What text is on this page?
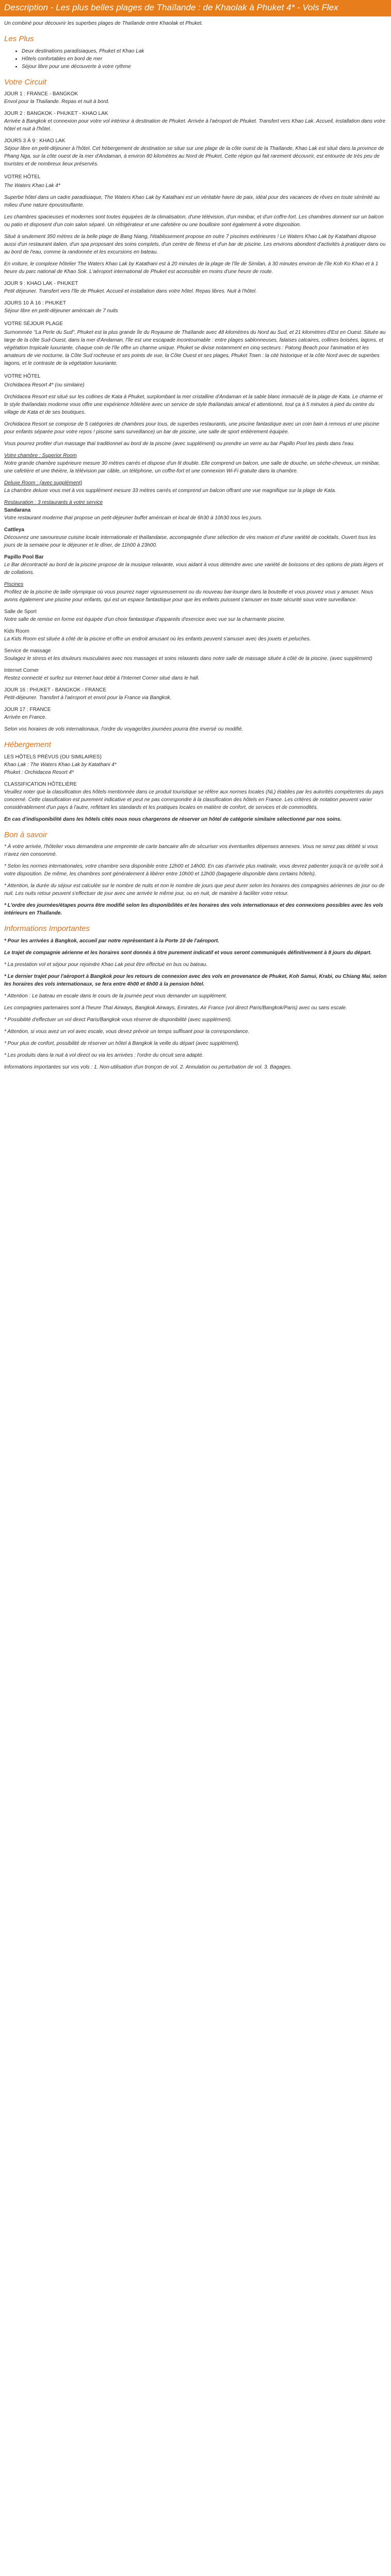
Description - Les plus belles plages de Thaïlande : de Khaolak à Phuket 4* - Vols Flex
Un combiné pour découvrir les superbes plages de Thaïlande entre Khaolak et Phuket.
Les Plus
• Deux destinations paradisiaques, Phuket et Khao Lak
• Hôtels confortables en bord de mer
• Séjour libre pour une découverte à votre rythme
Votre Circuit
JOUR 1 : FRANCE - BANGKOK
Envol pour la Thaïlande. Repas et nuit à bord.
JOUR 2 : BANGKOK - PHUKET - KHAO LAK
Arrivée à Bangkok et connexion pour votre vol intérieur à destination de Phuket. Arrivée à l'aéroport de Phuket. Transfert vers Khao Lak. Accueil, installation dans votre hôtel et nuit à l'hôtel.
JOURS 3 À 9 : KHAO LAK
Séjour libre en petit-déjeuner à l'hôtel. Cet hébergement de destination se situe sur une plage de la côte ouest de la Thaïlande, Khao Lak est situé dans la province de Phang Nga, sur la côte ouest de la mer d'Andaman, à environ 80 kilomètres au Nord de Phuket. Cette région qui fait rarement découvrir, est entourée de très peu de touristes et de nombreux lieux préservés.
VOTRE HÔTEL

The Waters Khao Lak 4*

Superbe hôtel dans un cadre paradisiaque, The Waters Khao Lak by Katathani est un véritable havre de paix, idéal pour des vacances de rêves en toute sérénité au milieu d'une nature époustouflante.

Les chambres spacieuses et modernes sont toutes équipées de la climatisation, d'une télévision, d'un minibar, et d'un coffre-fort. Les chambres donnent sur un balcon ou patio et disposent d'un coin salon séparé. Un réfrigérateur et une cafetière ou une bouilloire sont également à votre disposition.

Situé à seulement 350 mètres de la belle plage de Bang Niang, l'établissement propose en outre 7 piscines extérieures ! Le Waters Khao Lak by Katathani dispose aussi d'un restaurant italien, d'un spa proposant des soins complets, d'un centre de fitness et d'un bar de piscine. Les environs abondent d'activités à pratiquer dans ou au bord de l'eau, comme la randonnée et les excursions en bateau.

En voiture, le complexe hôtelier The Waters Khao Lak by Katathani est à 20 minutes de la plage de l'île de Similan, à 30 minutes environ de l'île Koh Ko Khao et à 1 heure du parc national de Khao Sok. L'aéroport international de Phuket est accessible en moins d'une heure de route.

JOUR 9 : KHAO LAK - PHUKET
Petit déjeuner. Transfert vers l'île de Phuket. Accueil et installation dans votre hôtel. Repas libres. Nuit à l'hôtel.
JOURS 10 À 16 : PHUKET
Séjour libre en petit-déjeuner américain de 7 nuits
VOTRE SÉJOUR PLAGE

Surnommée "La Perle du Sud", Phuket est la plus grande île du Royaume de Thaïlande avec 48 kilomètres du Nord au Sud, et 21 kilomètres d'Est en Ouest. Située au large de la côte Sud-Ouest, dans la mer d'Andaman, l'île est une escapade incontournable : entre plages sablonneuses, falaises calcaires, collines boisées, lagons, et végétation tropicale luxuriante, chaque coin de l'île offre un charme unique. Phuket se divise notamment en cinq secteurs : Patong Beach pour l'animation et les amateurs de vie nocturne, la Côte Sud rocheuse et ses points de vue, la Côte Ouest et ses plages, Phuket Town : la cité historique et la côte Nord avec de superbes lagons, et le contraste de la végétation luxuriante.

VOTRE HÔTEL

Orchidacea Resort 4* (ou similaire)

Orchidacea Resort est situé sur les collines de Kata à Phuket, surplombant la mer cristalline d'Andaman et la sable blanc immaculé de la plage de Kata. Le charme et le style thaïlandais moderne vous offre une expérience hôtelière avec un service de style thaïlandais amical et attentionné, tout ça à 5 minutes à pied du centre du village de Kata et de ses boutiques.

Orchidacea Resort se compose de 5 catégories de chambres pour tous, de superbes restaurants, une piscine fantastique avec un coin bain à remous et une piscine pour enfants séparée pour votre repos ! piscine sans surveillance) un bar de piscine, une salle de sport entièrement équipée.

Vous pourrez profiter d'un massage thaï traditionnel au bord de la piscine (avec supplément) ou prendre un verre au bar Papillo Pool les pieds dans l'eau.

Votre chambre : Superior Room

Notre grande chambre supérieure mesure 30 mètres carrés et dispose d'un lit double. Elle comprend un balcon, une salle de douche, un sèche-cheveux, un minibar, une cafetière et une théière, la télévision par câble, un téléphone, un coffre-fort et une connexion Wi-Fi gratuite dans la chambre.

Deluxe Room : (avec supplément)

La chambre deluxe vous met à vos supplément mesure 33 mètres carrés et comprend un balcon offrant une vue magnifique sur la plage de Kata.

Restauration : 3 restaurants à votre service
Sandarana
Votre restaurant moderne thaï propose un petit-déjeuner buffet américain et local de 6h30 à 10h30 tous les jours.
Cattleya
Découvrez une savoureuse cuisine locale internationale et thaïlandaise, accompagnée d'une sélection de vins maison et d'une variété de cocktails. Ouvert tous les jours de la semaine pour le déjeuner et le dîner, de 11h00 à 23h00.
Papillo Pool Bar
Le Bar décontracté au bord de la piscine propose de la musique relaxante, vous aidant à vous détendre avec une variété de boissons et des options de plats légers et de collations.
Piscines
Profitez de la piscine de taille olympique où vous pourrez nager vigoureusement ou du nouveau bar-lounge dans la bouteille et vous pouvez vous y amuser. Nous avons également une piscine pour enfants, qui est un espace fantastique pour que les enfants puissent s'amuser en toute sécurité sous votre surveillance.
Salle de Sport
Notre salle de remise en forme est équipée d'un choix fantastique d'appareils d'exercice avec vue sur la charmante piscine.
Kids Room
La Kids Room est située à côté de la piscine et offre un endroit amusant où les enfants peuvent s'amuser avec des jouets et peluches.
Service de massage
Soulagez le stress et les douleurs musculaires avec nos massages et soins relaxants dans notre salle de massage située à côté de la piscine. (avec supplément)
Internet Corner
Restez connecté et surfez sur Internet haut débit à l'Internet Corner situé dans le hall.
JOUR 16 : PHUKET - BANGKOK - FRANCE
Petit-déjeuner. Transfert à l'aéroport et envol pour la France via Bangkok.
JOUR 17 : FRANCE
Arrivée en France.

Selon vos horaires de vols internationaux, l'ordre du voyage/des journées pourra être inversé ou modifié.

Hébergement
LES HÔTELS PRÉVUS (OU SIMILAIRES)
Khao Lak : The Waters Khao Lak by Katathani 4*
Phuket : Orchidacea Resort 4*
CLASSIFICATION HÔTELIÈRE
Veuillez noter que la classification des hôtels mentionnée dans ce produit touristique se réfère aux normes locales (NL) établies par les autorités compétentes du pays concerné. Cette classification est purement indicative et peut ne pas correspondre à la classification des hôtels en France. Les critères de notation peuvent varier considérablement d'un pays à l'autre, reflétant les standards et les pratiques locales en matière de confort, de services et de commodités.

En cas d'indisponibilité dans les hôtels cités nous nous chargerons de réserver un hôtel de catégorie similaire sélectionné par nos soins.

Bon à savoir

* À votre arrivée, l'hôtelier vous demandera une empreinte de carte bancaire afin de sécuriser vos éventuelles dépenses annexes. Vous ne serez pas débité si vous n'avez rien consommé.

* Selon les normes internationales, votre chambre sera disponible entre 12h00 et 14h00. En cas d'arrivée plus matinale, vous devrez patienter jusqu'à ce qu'elle soit à votre disposition. De même, les chambres sont généralement à libérer entre 10h00 et 12h00 (bagagerie disponible dans certains hôtels).

* Attention, la durée du séjour est calculée sur le nombre de nuits et non le nombre de jours que peut durer selon les horaires des compagnies aériennes de jour ou de nuit. Les nuits retour peuvent s'effectuer de jour avec une arrivée le même jour, ou en nuit, de manière à faciliter votre retour.

* L'ordre des journées/étapes pourra être modifié selon les disponibilités et les horaires des vols internationaux et des connexions possibles avec les vols intérieurs en Thaïlande.

Informations Importantes

* Pour les arrivées à Bangkok, accueil par notre représentant à la Porte 10 de l'aéroport.

Le trajet de compagnie aérienne et les horaires sont donnés à titre purement indicatif et vous seront communiqués définitivement à 8 jours du départ.

* La prestation vol et séjour pour rejoindre Khao Lak peut être effectué en bus ou bateau.

* Le dernier trajet pour l'aéroport à Bangkok pour les retours de connexion avec des vols en provenance de Phuket, Koh Samui, Krabi, ou Chiang Mai, selon les horaires des vols internationaux, se fera entre 4h00 et 6h00 à la pension hôtel.

* Attention : Le bateau en escale dans le cours de la journée peut vous demander un supplément.

Les compagnies partenaires sont à l'heure Thaï Airways, Bangkok Airways, Emirates, Air France (vol direct Paris/Bangkok/Paris) avec ou sans escale.

* Possibilité d'effectuer un vol direct Paris/Bangkok vous réserve de disponibilité (avec supplément).

* Attention, si vous avez un vol avec escale, vous devez prévoir un temps suffisant pour la correspondance.

* Pour plus de confort, possibilité de réserver un hôtel à Bangkok la veille du départ (avec supplément).

* Les produits dans la nuit à vol direct ou via les arrivées : l'ordre du circuit sera adapté.

Informations importantes sur vos vols : 1. Non-utilisation d'un tronçon de vol. 2. Annulation ou perturbation de vol. 3. Bagages.
